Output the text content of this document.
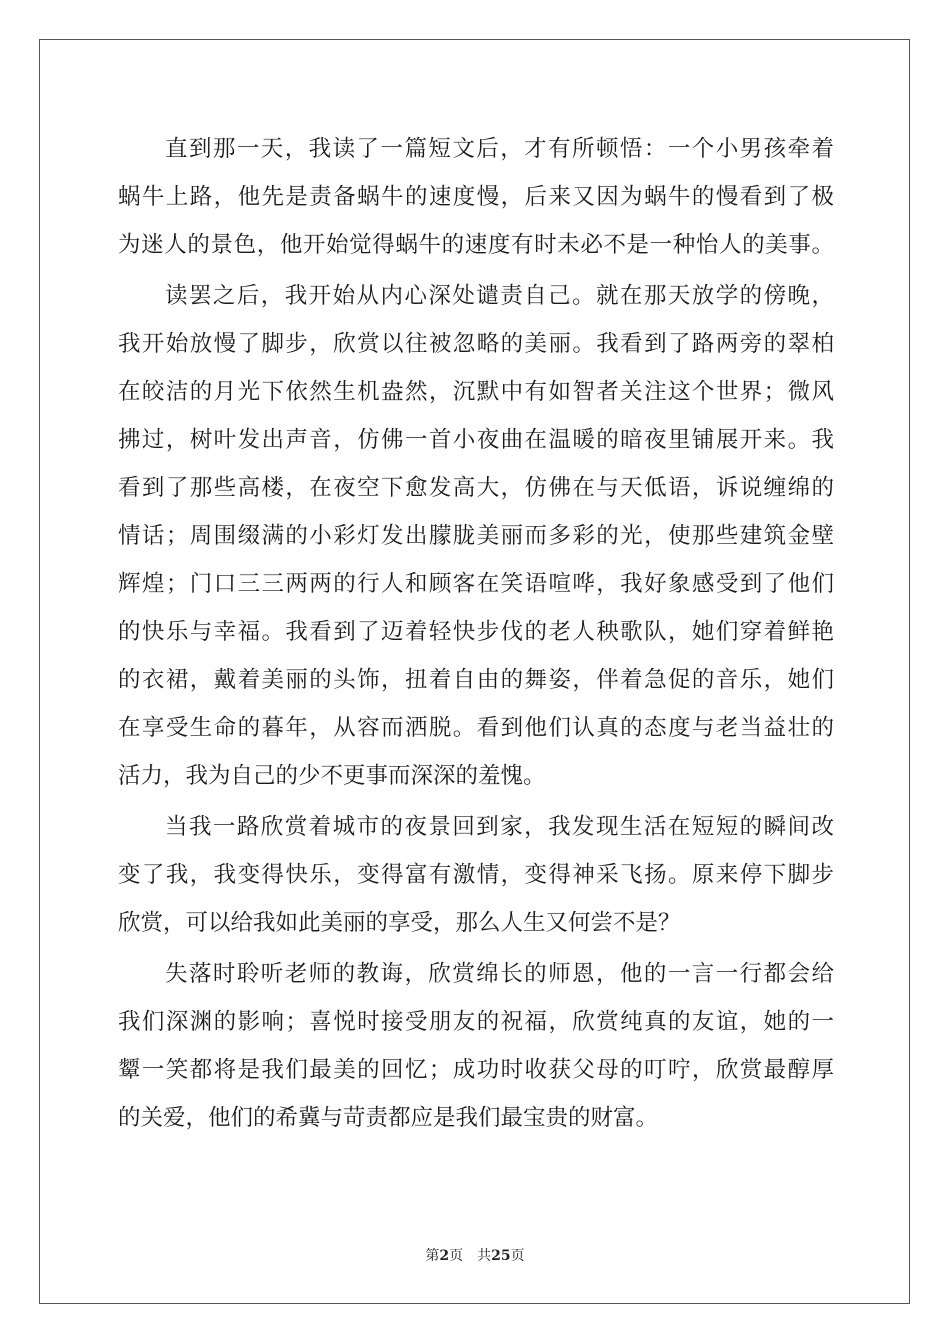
直到那一天，我读了一篇短文后，才有所顿悟：一个小男孩牵着
蜗牛上路，他先是责备蜗牛的速度慢，后来又因为蜗牛的慢看到了极
为迷人的景色，他开始觉得蜗牛的速度有时未必不是一种怡人的美事。
读罢之后，我开始从内心深处谴责自己。就在那天放学的傍晚，
我开始放慢了脚步，欣赏以往被忽略的美丽。我看到了路两旁的翠柏
在皎洁的月光下依然生机盎然，沉默中有如智者关注这个世界；微风
拂过，树叶发出声音，仿佛一首小夜曲在温暖的暗夜里铺展开来。我
看到了那些高楼，在夜空下愈发高大，仿佛在与天低语，诉说缠绵的
情话；周围缀满的小彩灯发出朦胧美丽而多彩的光，使那些建筑金壁
辉煌；门口三三两两的行人和顾客在笑语喧哗，我好象感受到了他们
的快乐与幸福。我看到了迈着轻快步伐的老人秧歌队，她们穿着鲜艳
的衣裙，戴着美丽的头饰，扭着自由的舞姿，伴着急促的音乐，她们
在享受生命的暮年，从容而洒脱。看到他们认真的态度与老当益壮的
活力，我为自己的少不更事而深深的羞愧。
当我一路欣赏着城市的夜景回到家，我发现生活在短短的瞬间改
变了我，我变得快乐，变得富有激情，变得神采飞扬。原来停下脚步
欣赏，可以给我如此美丽的享受，那么人生又何尝不是？
失落时聆听老师的教诲，欣赏绵长的师恩，他的一言一行都会给
我们深渊的影响；喜悦时接受朋友的祝福，欣赏纯真的友谊，她的一
颦一笑都将是我们最美的回忆；成功时收获父母的叮咛，欣赏最醇厚
的关爱，他们的希冀与苛责都应是我们最宝贵的财富。
第2页 共25页
